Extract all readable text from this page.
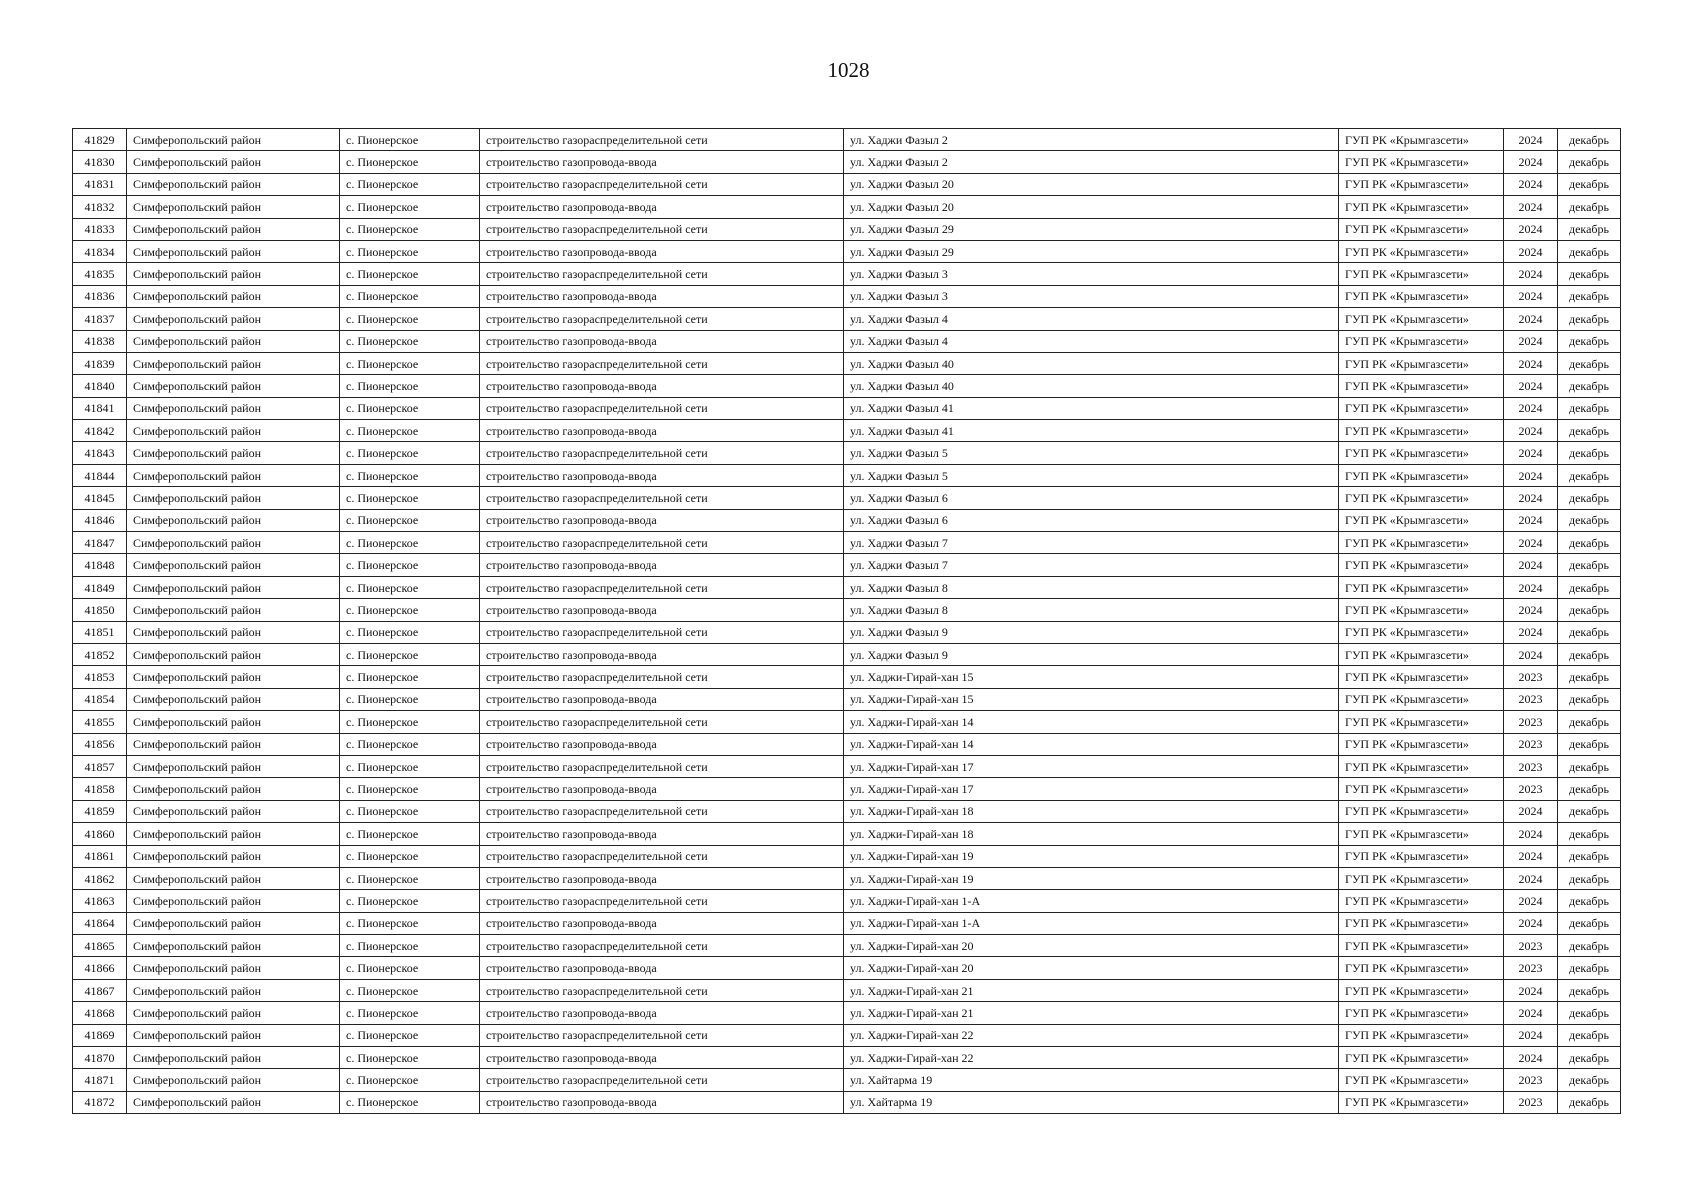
1028
41829	Симферопольский район	с. Пионерское	строительство газораспределительной сети	ул. Хаджи Фазыл 2	ГУП РК «Крымгазсети»	2024	декабрь
41830	Симферопольский район	с. Пионерское	строительство газопровода-ввода	ул. Хаджи Фазыл 2	ГУП РК «Крымгазсети»	2024	декабрь
41831	Симферопольский район	с. Пионерское	строительство газораспределительной сети	ул. Хаджи Фазыл 20	ГУП РК «Крымгазсети»	2024	декабрь
41832	Симферопольский район	с. Пионерское	строительство газопровода-ввода	ул. Хаджи Фазыл 20	ГУП РК «Крымгазсети»	2024	декабрь
41833	Симферопольский район	с. Пионерское	строительство газораспределительной сети	ул. Хаджи Фазыл 29	ГУП РК «Крымгазсети»	2024	декабрь
41834	Симферопольский район	с. Пионерское	строительство газопровода-ввода	ул. Хаджи Фазыл 29	ГУП РК «Крымгазсети»	2024	декабрь
41835	Симферопольский район	с. Пионерское	строительство газораспределительной сети	ул. Хаджи Фазыл 3	ГУП РК «Крымгазсети»	2024	декабрь
41836	Симферопольский район	с. Пионерское	строительство газопровода-ввода	ул. Хаджи Фазыл 3	ГУП РК «Крымгазсети»	2024	декабрь
41837	Симферопольский район	с. Пионерское	строительство газораспределительной сети	ул. Хаджи Фазыл 4	ГУП РК «Крымгазсети»	2024	декабрь
41838	Симферопольский район	с. Пионерское	строительство газопровода-ввода	ул. Хаджи Фазыл 4	ГУП РК «Крымгазсети»	2024	декабрь
41839	Симферопольский район	с. Пионерское	строительство газораспределительной сети	ул. Хаджи Фазыл 40	ГУП РК «Крымгазсети»	2024	декабрь
41840	Симферопольский район	с. Пионерское	строительство газопровода-ввода	ул. Хаджи Фазыл 40	ГУП РК «Крымгазсети»	2024	декабрь
41841	Симферопольский район	с. Пионерское	строительство газораспределительной сети	ул. Хаджи Фазыл 41	ГУП РК «Крымгазсети»	2024	декабрь
41842	Симферопольский район	с. Пионерское	строительство газопровода-ввода	ул. Хаджи Фазыл 41	ГУП РК «Крымгазсети»	2024	декабрь
41843	Симферопольский район	с. Пионерское	строительство газораспределительной сети	ул. Хаджи Фазыл 5	ГУП РК «Крымгазсети»	2024	декабрь
41844	Симферопольский район	с. Пионерское	строительство газопровода-ввода	ул. Хаджи Фазыл 5	ГУП РК «Крымгазсети»	2024	декабрь
41845	Симферопольский район	с. Пионерское	строительство газораспределительной сети	ул. Хаджи Фазыл 6	ГУП РК «Крымгазсети»	2024	декабрь
41846	Симферопольский район	с. Пионерское	строительство газопровода-ввода	ул. Хаджи Фазыл 6	ГУП РК «Крымгазсети»	2024	декабрь
41847	Симферопольский район	с. Пионерское	строительство газораспределительной сети	ул. Хаджи Фазыл 7	ГУП РК «Крымгазсети»	2024	декабрь
41848	Симферопольский район	с. Пионерское	строительство газопровода-ввода	ул. Хаджи Фазыл 7	ГУП РК «Крымгазсети»	2024	декабрь
41849	Симферопольский район	с. Пионерское	строительство газораспределительной сети	ул. Хаджи Фазыл 8	ГУП РК «Крымгазсети»	2024	декабрь
41850	Симферопольский район	с. Пионерское	строительство газопровода-ввода	ул. Хаджи Фазыл 8	ГУП РК «Крымгазсети»	2024	декабрь
41851	Симферопольский район	с. Пионерское	строительство газораспределительной сети	ул. Хаджи Фазыл 9	ГУП РК «Крымгазсети»	2024	декабрь
41852	Симферопольский район	с. Пионерское	строительство газопровода-ввода	ул. Хаджи Фазыл 9	ГУП РК «Крымгазсети»	2024	декабрь
41853	Симферопольский район	с. Пионерское	строительство газораспределительной сети	ул. Хаджи-Гирай-хан 15	ГУП РК «Крымгазсети»	2023	декабрь
41854	Симферопольский район	с. Пионерское	строительство газопровода-ввода	ул. Хаджи-Гирай-хан 15	ГУП РК «Крымгазсети»	2023	декабрь
41855	Симферопольский район	с. Пионерское	строительство газораспределительной сети	ул. Хаджи-Гирай-хан 14	ГУП РК «Крымгазсети»	2023	декабрь
41856	Симферопольский район	с. Пионерское	строительство газопровода-ввода	ул. Хаджи-Гирай-хан 14	ГУП РК «Крымгазсети»	2023	декабрь
41857	Симферопольский район	с. Пионерское	строительство газораспределительной сети	ул. Хаджи-Гирай-хан 17	ГУП РК «Крымгазсети»	2023	декабрь
41858	Симферопольский район	с. Пионерское	строительство газопровода-ввода	ул. Хаджи-Гирай-хан 17	ГУП РК «Крымгазсети»	2023	декабрь
41859	Симферопольский район	с. Пионерское	строительство газораспределительной сети	ул. Хаджи-Гирай-хан 18	ГУП РК «Крымгазсети»	2024	декабрь
41860	Симферопольский район	с. Пионерское	строительство газопровода-ввода	ул. Хаджи-Гирай-хан 18	ГУП РК «Крымгазсети»	2024	декабрь
41861	Симферопольский район	с. Пионерское	строительство газораспределительной сети	ул. Хаджи-Гирай-хан 19	ГУП РК «Крымгазсети»	2024	декабрь
41862	Симферопольский район	с. Пионерское	строительство газопровода-ввода	ул. Хаджи-Гирай-хан 19	ГУП РК «Крымгазсети»	2024	декабрь
41863	Симферопольский район	с. Пионерское	строительство газораспределительной сети	ул. Хаджи-Гирай-хан 1-А	ГУП РК «Крымгазсети»	2024	декабрь
41864	Симферопольский район	с. Пионерское	строительство газопровода-ввода	ул. Хаджи-Гирай-хан 1-А	ГУП РК «Крымгазсети»	2024	декабрь
41865	Симферопольский район	с. Пионерское	строительство газораспределительной сети	ул. Хаджи-Гирай-хан 20	ГУП РК «Крымгазсети»	2023	декабрь
41866	Симферопольский район	с. Пионерское	строительство газопровода-ввода	ул. Хаджи-Гирай-хан 20	ГУП РК «Крымгазсети»	2023	декабрь
41867	Симферопольский район	с. Пионерское	строительство газораспределительной сети	ул. Хаджи-Гирай-хан 21	ГУП РК «Крымгазсети»	2024	декабрь
41868	Симферопольский район	с. Пионерское	строительство газопровода-ввода	ул. Хаджи-Гирай-хан 21	ГУП РК «Крымгазсети»	2024	декабрь
41869	Симферопольский район	с. Пионерское	строительство газораспределительной сети	ул. Хаджи-Гирай-хан 22	ГУП РК «Крымгазсети»	2024	декабрь
41870	Симферопольский район	с. Пионерское	строительство газопровода-ввода	ул. Хаджи-Гирай-хан 22	ГУП РК «Крымгазсети»	2024	декабрь
41871	Симферопольский район	с. Пионерское	строительство газораспределительной сети	ул. Хайтарма 19	ГУП РК «Крымгазсети»	2023	декабрь
41872	Симферопольский район	с. Пионерское	строительство газопровода-ввода	ул. Хайтарма 19	ГУП РК «Крымгазсети»	2023	декабрь
